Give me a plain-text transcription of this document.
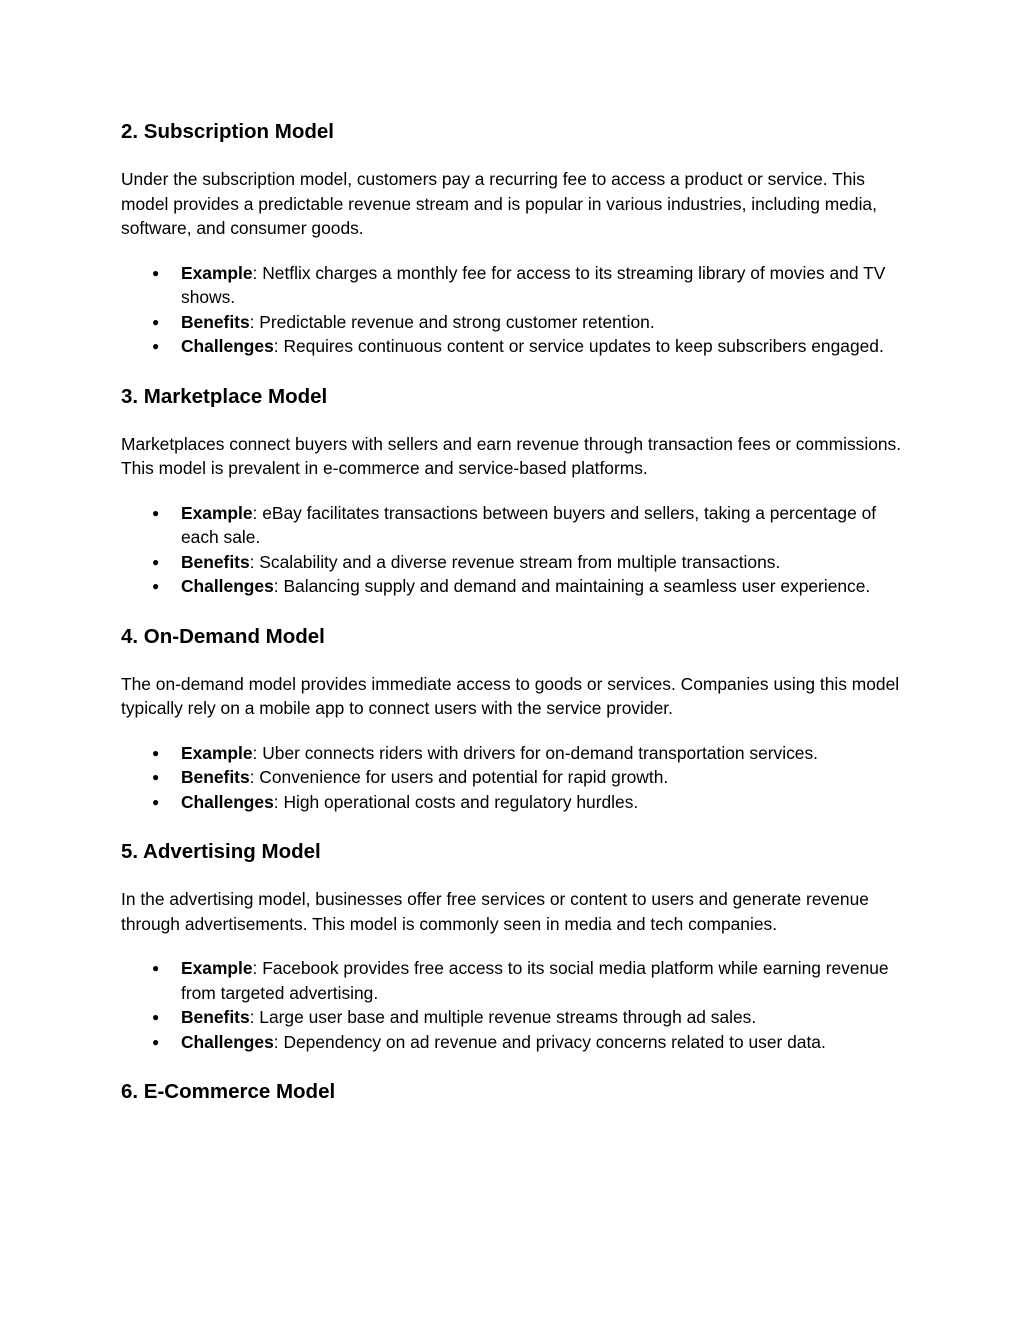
2. Subscription Model

Under the subscription model, customers pay a recurring fee to access a product or service. This model provides a predictable revenue stream and is popular in various industries, including media, software, and consumer goods.

● Example: Netflix charges a monthly fee for access to its streaming library of movies and TV shows.
● Benefits: Predictable revenue and strong customer retention.
● Challenges: Requires continuous content or service updates to keep subscribers engaged.
3. Marketplace Model

Marketplaces connect buyers with sellers and earn revenue through transaction fees or commissions. This model is prevalent in e-commerce and service-based platforms.

● Example: eBay facilitates transactions between buyers and sellers, taking a percentage of each sale.
● Benefits: Scalability and a diverse revenue stream from multiple transactions.
● Challenges: Balancing supply and demand and maintaining a seamless user experience.
4. On-Demand Model

The on-demand model provides immediate access to goods or services. Companies using this model typically rely on a mobile app to connect users with the service provider.

● Example: Uber connects riders with drivers for on-demand transportation services.
● Benefits: Convenience for users and potential for rapid growth.
● Challenges: High operational costs and regulatory hurdles.
5. Advertising Model

In the advertising model, businesses offer free services or content to users and generate revenue through advertisements. This model is commonly seen in media and tech companies.

● Example: Facebook provides free access to its social media platform while earning revenue from targeted advertising.
● Benefits: Large user base and multiple revenue streams through ad sales.
● Challenges: Dependency on ad revenue and privacy concerns related to user data.
6. E-Commerce Model
